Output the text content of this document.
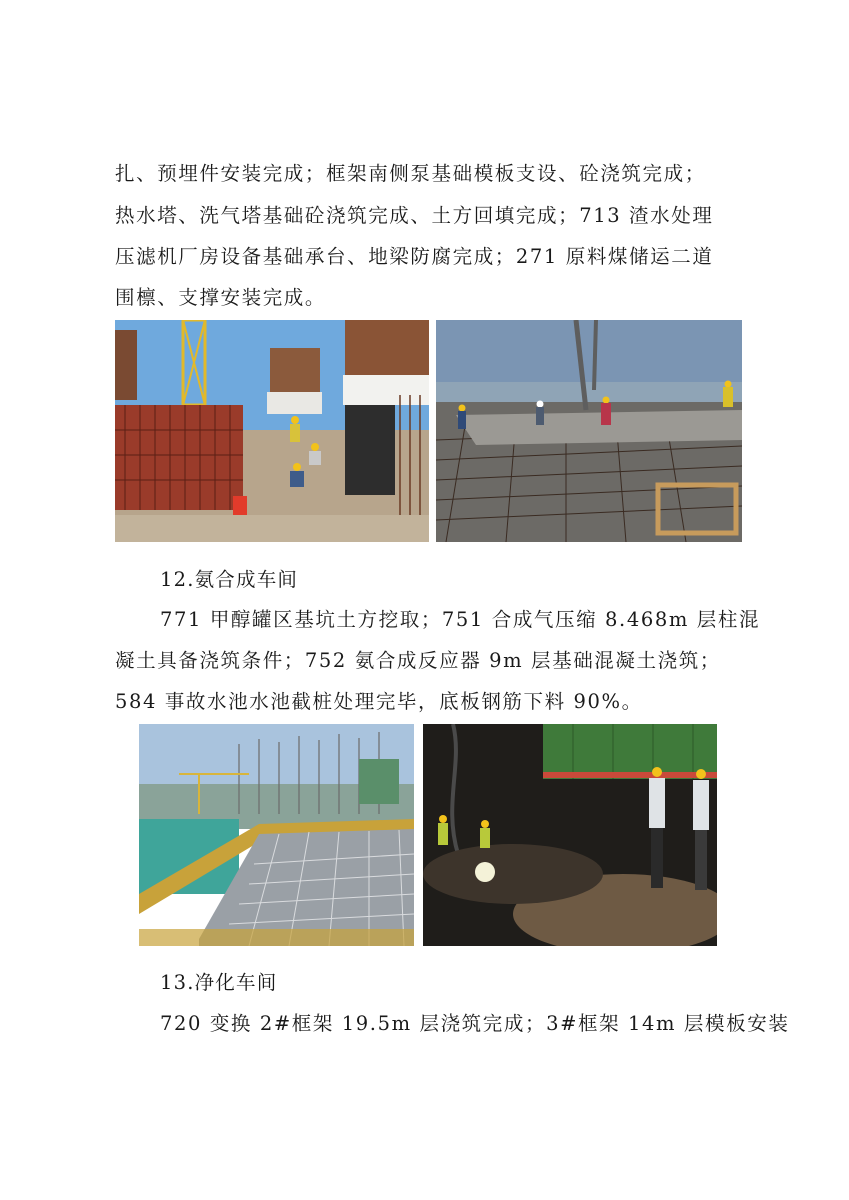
扎、预埋件安装完成；框架南侧泵基础模板支设、砼浇筑完成；
热水塔、洗气塔基础砼浇筑完成、土方回填完成；713 渣水处理
压滤机厂房设备基础承台、地梁防腐完成；271 原料煤储运二道
围檩、支撑安装完成。
12.氨合成车间
771 甲醇罐区基坑土方挖取；751 合成气压缩 8.468m 层柱混
凝土具备浇筑条件；752 氨合成反应器 9m 层基础混凝土浇筑；
584 事故水池水池截桩处理完毕，底板钢筋下料 90%。
13.净化车间
720 变换 2#框架 19.5m 层浇筑完成；3#框架 14m 层模板安装
